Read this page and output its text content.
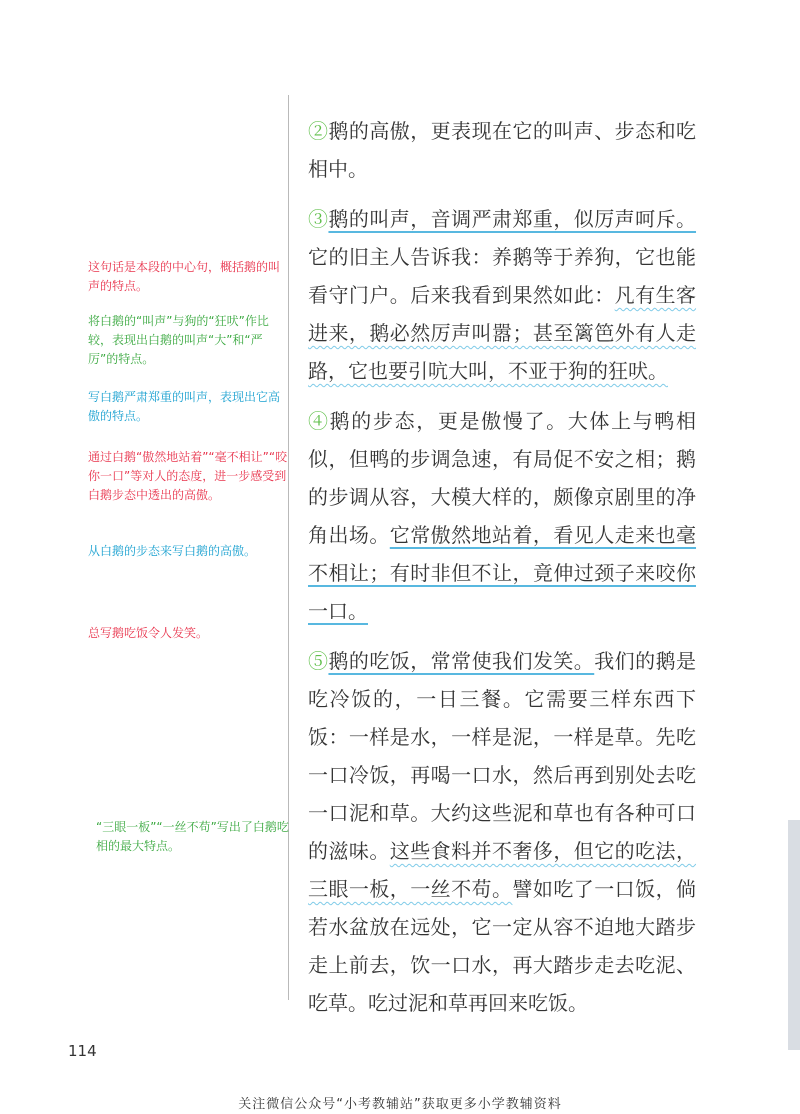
这句话是本段的中心句，概括鹅的叫声的特点。

将白鹅的“叫声”与狗的“狂吠”作比较，表现出白鹅的叫声“大”和“严厉”的特点。

写白鹅严肃郑重的叫声，表现出它高傲的特点。

通过白鹅“傲然地站着”“毫不相让”“咬你一口”等对人的态度，进一步感受到白鹅步态中透出的高傲。

从白鹅的步态来写白鹅的高傲。

总写鹅吃饭令人发笑。

“三眼一板”“一丝不苟”写出了白鹅吃相的最大特点。

②鹅的高傲，更表现在它的叫声、步态和吃相中。

③鹅的叫声，音调严肃郑重，似厉声呵斥。它的旧主人告诉我：养鹅等于养狗，它也能看守门户。后来我看到果然如此：凡有生客进来，鹅必然厉声叫嚣；甚至篱笆外有人走路，它也要引吭大叫，不亚于狗的狂吠。

④鹅的步态，更是傲慢了。大体上与鸭相似，但鸭的步调急速，有局促不安之相；鹅的步调从容，大模大样的，颇像京剧里的净角出场。它常傲然地站着，看见人走来也毫不相让；有时非但不让，竟伸过颈子来咬你一口。

⑤鹅的吃饭，常常使我们发笑。我们的鹅是吃冷饭的，一日三餐。它需要三样东西下饭：一样是水，一样是泥，一样是草。先吃一口冷饭，再喝一口水，然后再到别处去吃一口泥和草。大约这些泥和草也有各种可口的滋味。这些食料并不奢侈，但它的吃法，三眼一板，一丝不苟。譬如吃了一口饭，倘若水盆放在远处，它一定从容不迫地大踏步走上前去，饮一口水，再大踏步走去吃泥、吃草。吃过泥和草再回来吃饭。

114
关注微信公众号“小考教辅站”获取更多小学教辅资料
